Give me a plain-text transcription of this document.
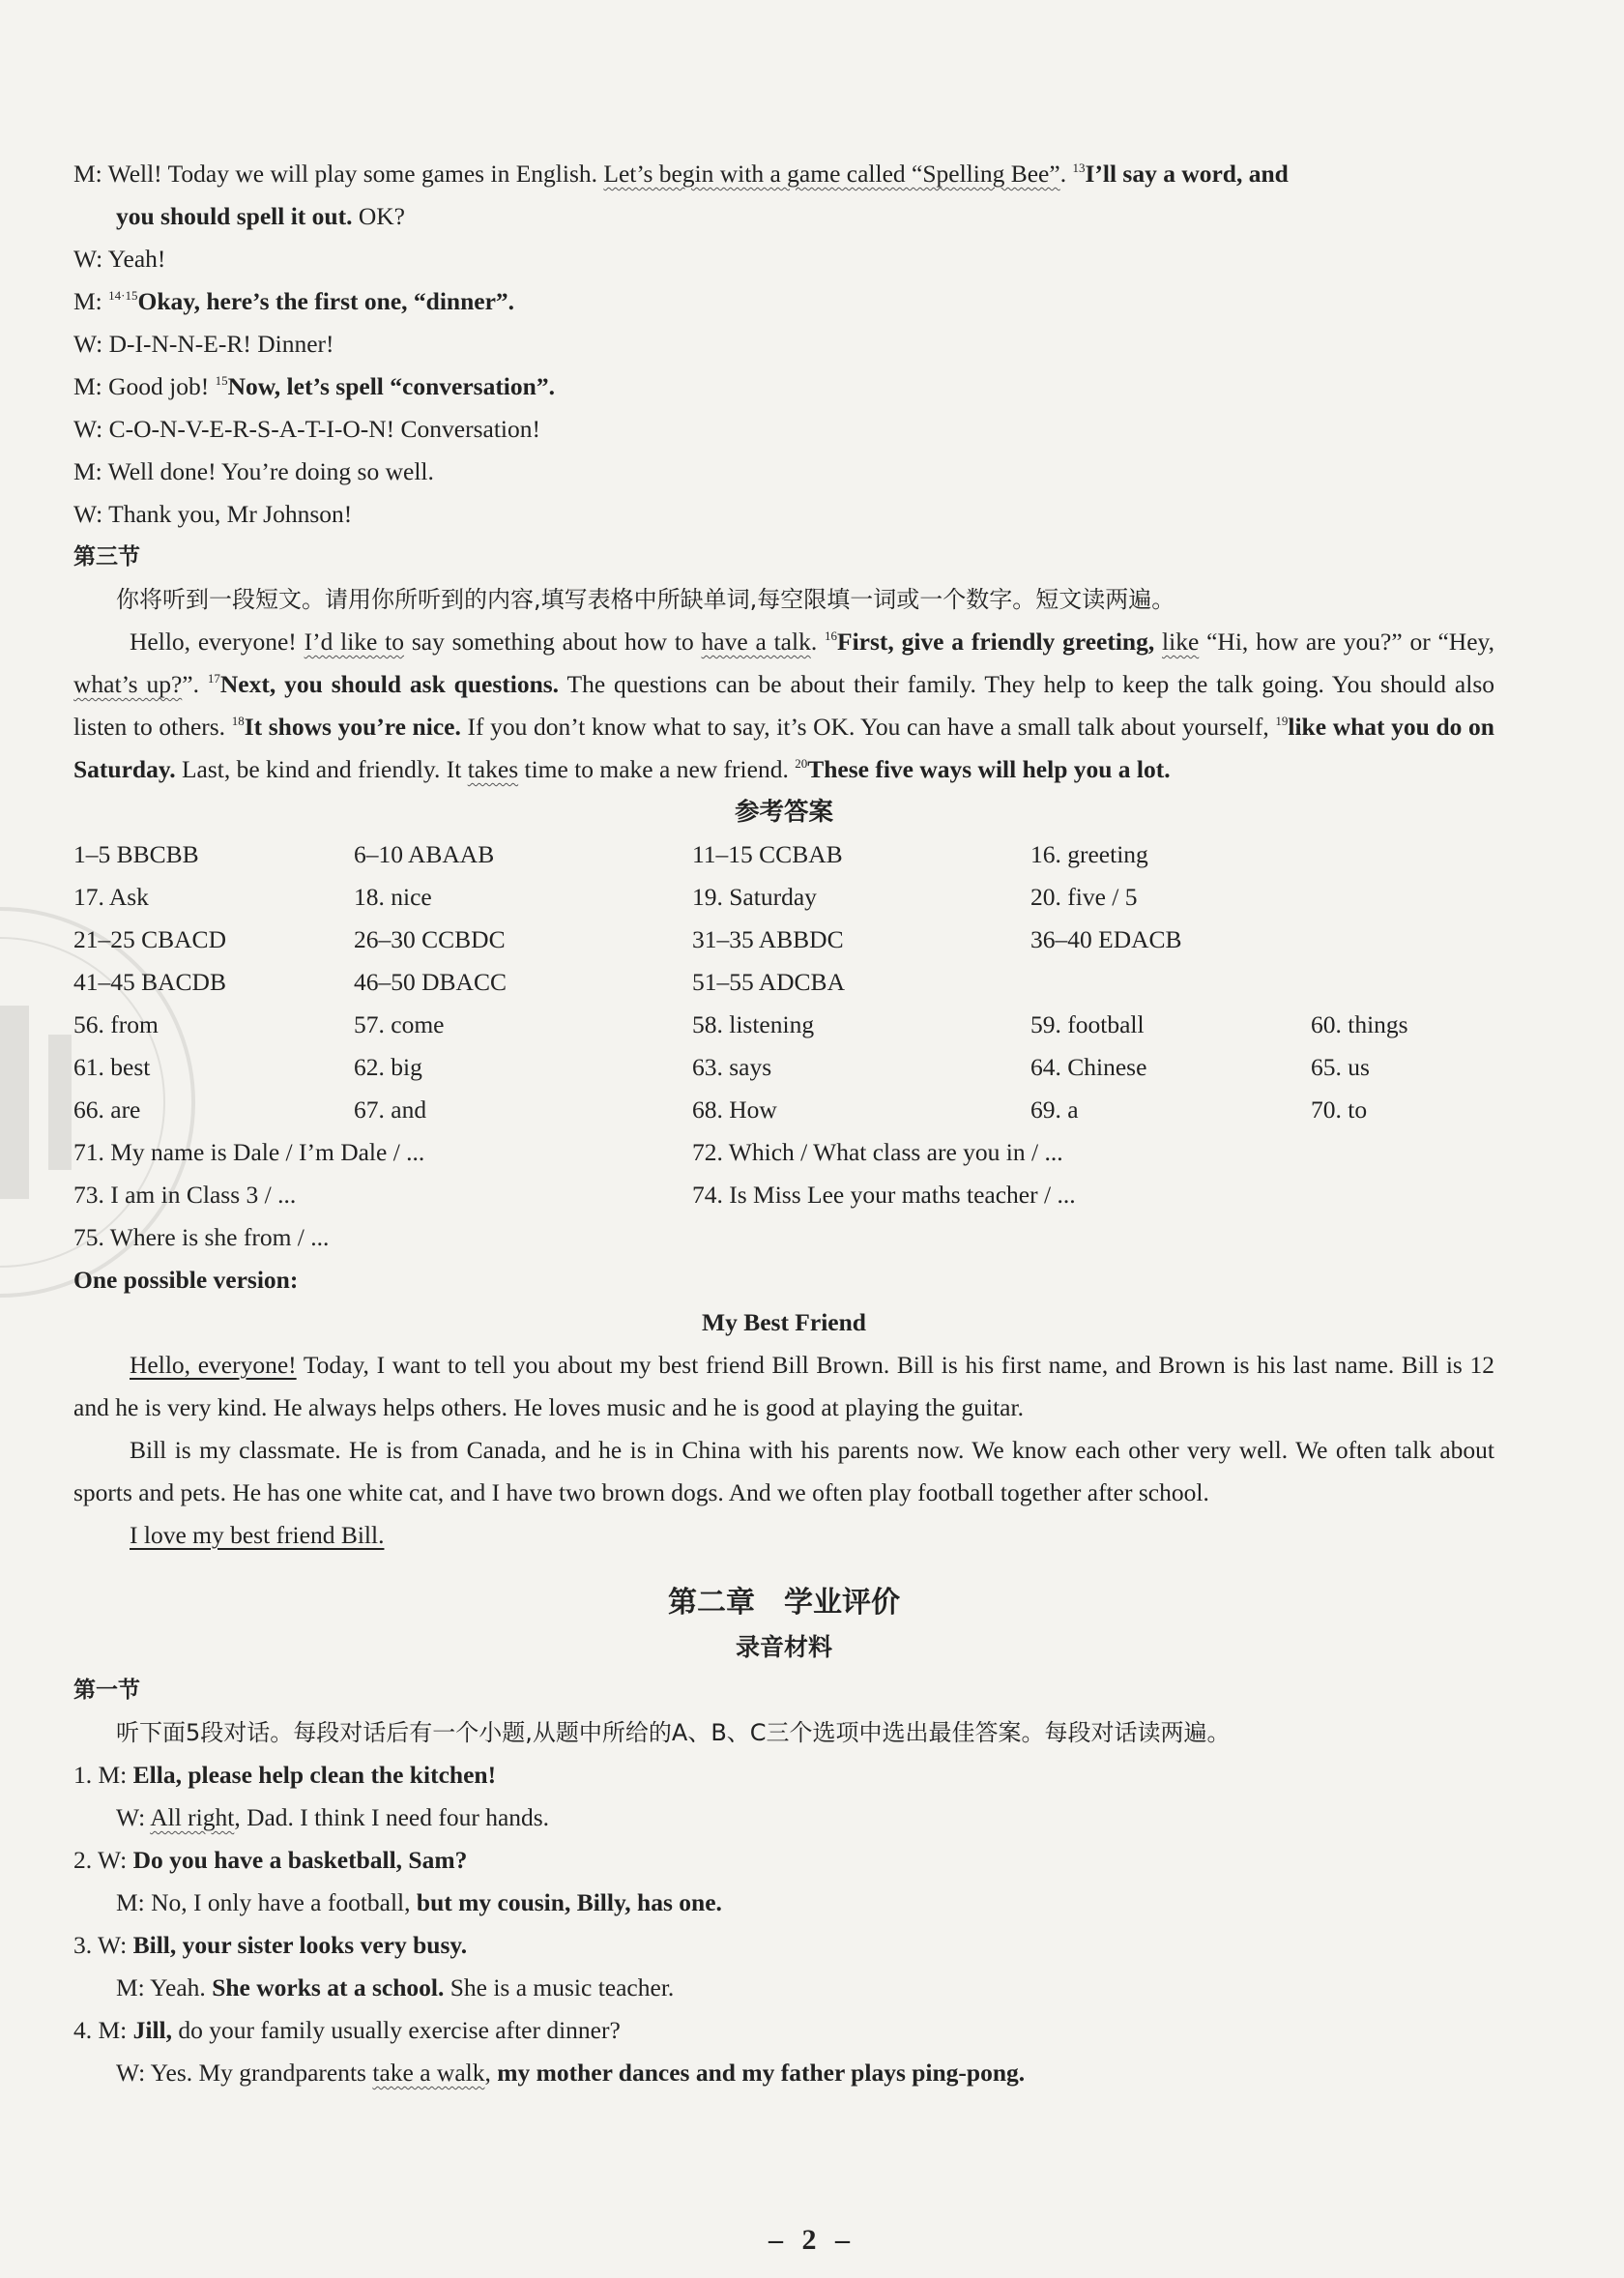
M: Well! Today we will play some games in English. Let’s begin with a game called “Spelling Bee”. $^{13}$I’ll say a word, and
you should spell it out. OK?
W: Yeah!
M: $^{14\cdot 15}$Okay, here’s the first one, “dinner”.
W: D-I-N-N-E-R! Dinner!
M: Good job! $^{15}$Now, let’s spell “conversation”.
W: C-O-N-V-E-R-S-A-T-I-O-N! Conversation!
M: Well done! You’re doing so well.
W: Thank you, Mr Johnson!
第三节
你将听到一段短文。请用你所听到的内容,填写表格中所缺单词,每空限填一词或一个数字。短文读两遍。
Hello, everyone! I’d like to say something about how to have a talk. $^{16}$First, give a friendly greeting, like “Hi, how are you?” or “Hey, what’s up?”. $^{17}$Next, you should ask questions. The questions can be about their family. They help to keep the talk going. You should also listen to others. $^{18}$It shows you’re nice. If you don’t know what to say, it’s OK. You can have a small talk about yourself, $^{19}$like what you do on Saturday. Last, be kind and friendly. It takes time to make a new friend. $^{20}$These five ways will help you a lot.
参考答案
1–5 BBCBB	6–10 ABAAB	11–15 CCBAB	16. greeting
17. Ask	18. nice	19. Saturday	20. five / 5
21–25 CBACD	26–30 CCBDC	31–35 ABBDC	36–40 EDACB
41–45 BACDB	46–50 DBACC	51–55 ADCBA
56. from	57. come	58. listening	59. football	60. things
61. best	62. big	63. says	64. Chinese	65. us
66. are	67. and	68. How	69. a	70. to
71. My name is Dale / I’m Dale / ...	72. Which / What class are you in / ...
73. I am in Class 3 / ...	74. Is Miss Lee your maths teacher / ...
75. Where is she from / ...
One possible version:
My Best Friend
Hello, everyone! Today, I want to tell you about my best friend Bill Brown. Bill is his first name, and Brown is his last name. Bill is 12 and he is very kind. He always helps others. He loves music and he is good at playing the guitar.
Bill is my classmate. He is from Canada, and he is in China with his parents now. We know each other very well. We often talk about sports and pets. He has one white cat, and I have two brown dogs. And we often play football together after school.
I love my best friend Bill.
第二章　学业评价
录音材料
第一节
听下面5段对话。每段对话后有一个小题,从题中所给的A、B、C三个选项中选出最佳答案。每段对话读两遍。
1. M: Ella, please help clean the kitchen!
W: All right, Dad. I think I need four hands.
2. W: Do you have a basketball, Sam?
M: No, I only have a football, but my cousin, Billy, has one.
3. W: Bill, your sister looks very busy.
M: Yeah. She works at a school. She is a music teacher.
4. M: Jill, do your family usually exercise after dinner?
W: Yes. My grandparents take a walk, my mother dances and my father plays ping-pong.
– 2 –
